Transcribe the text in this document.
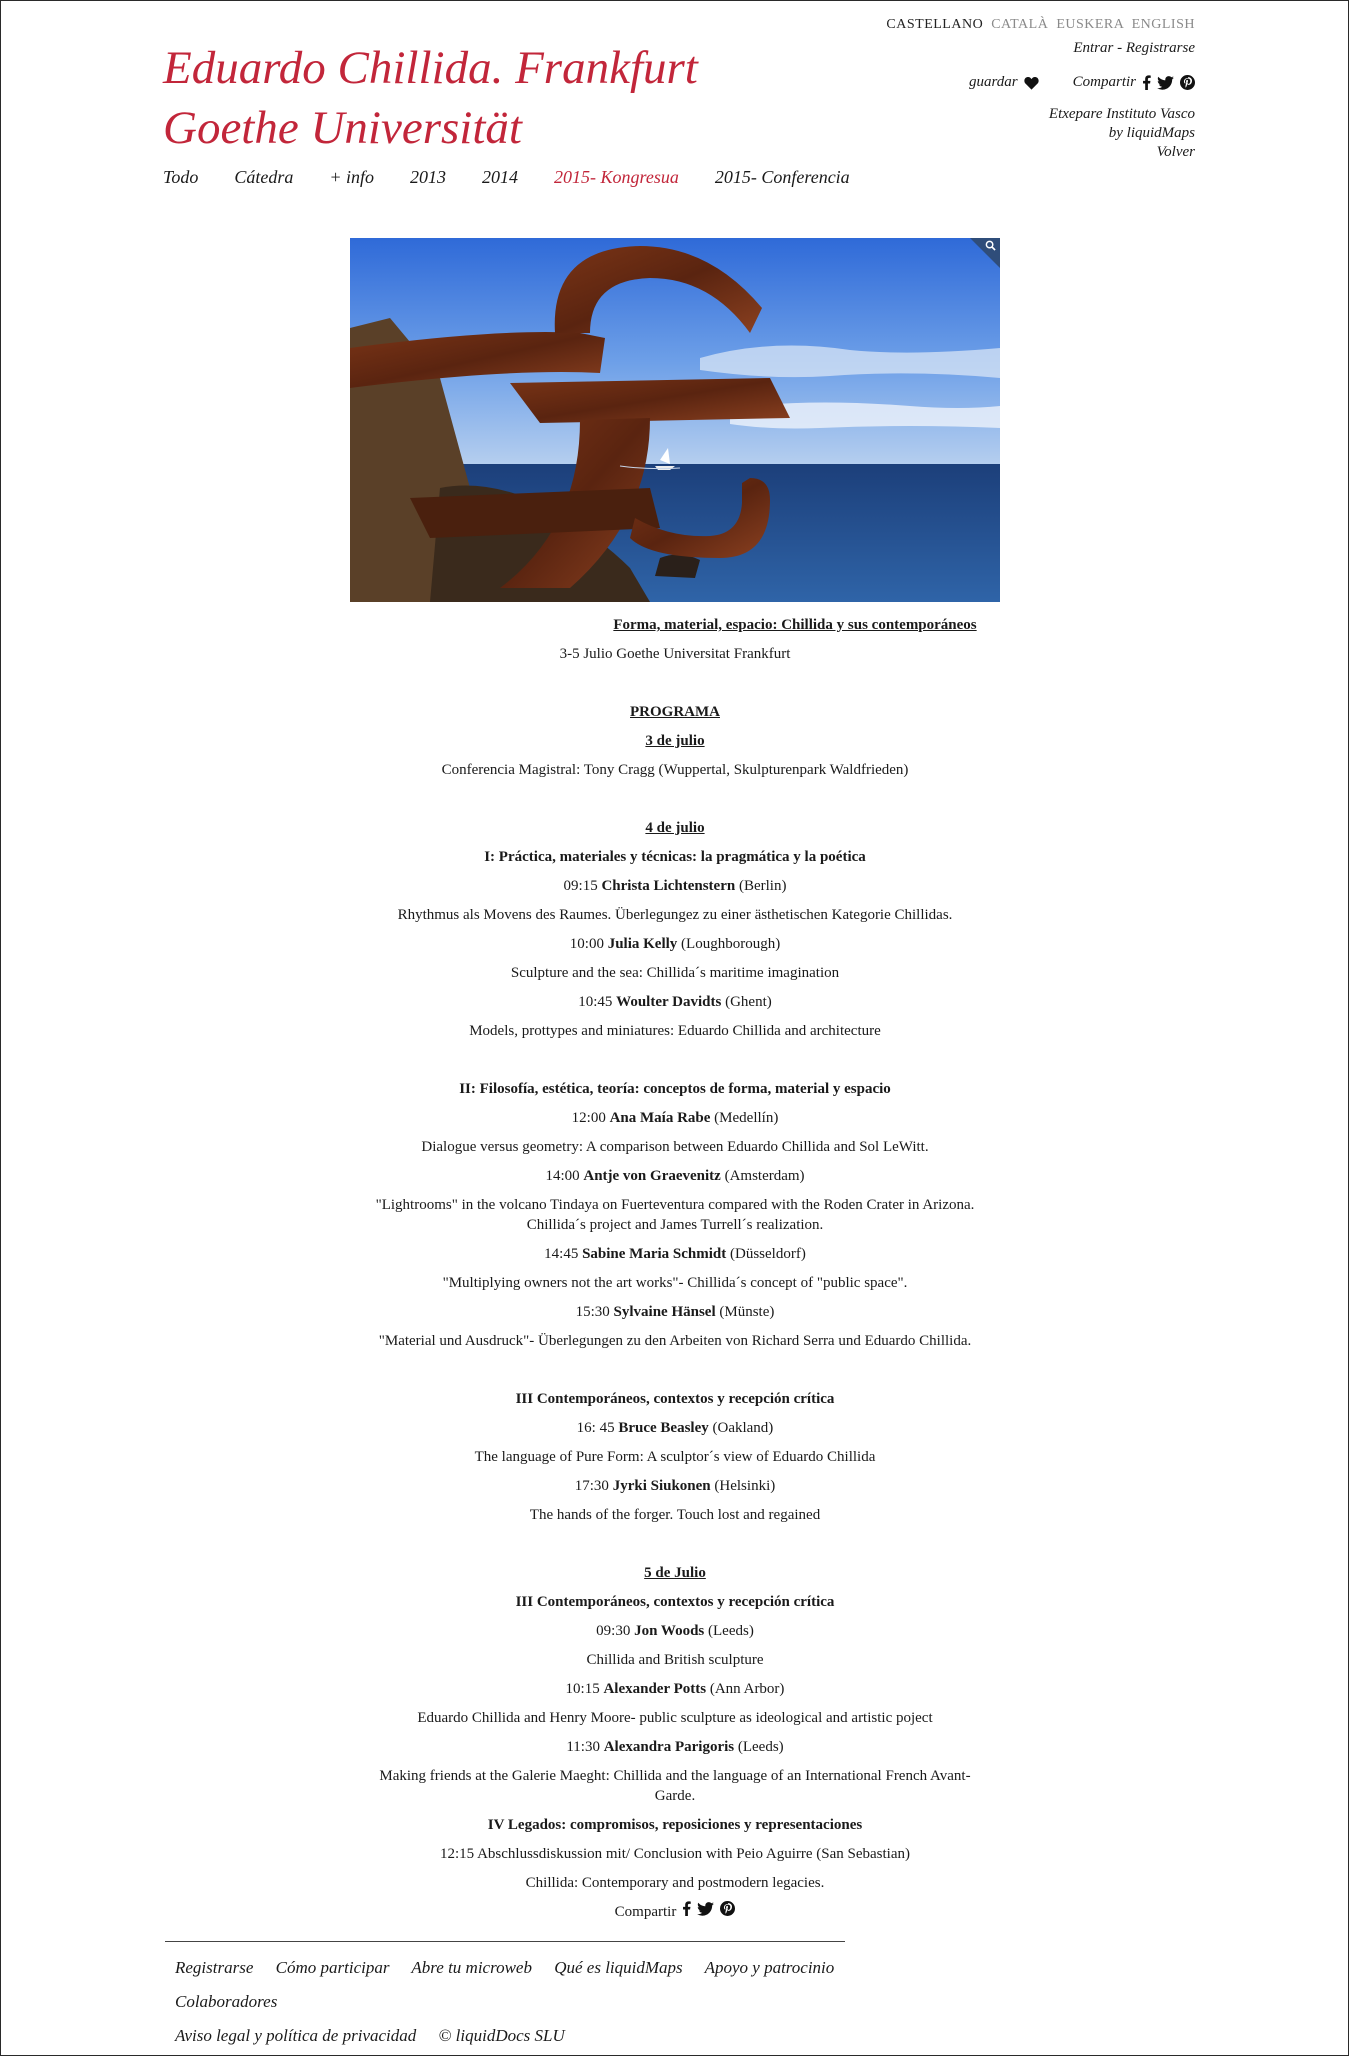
Eduardo Chillida. Frankfurt
Goethe Universität
CASTELLANO CATALÀ EUSKERA ENGLISH
Entrar - Registrarse
guardar	Compartir
Etxepare Instituto Vasco
by liquidMaps
Volver
Todo Cátedra + info 2013 2014 2015- Kongresua 2015- Conferencia

Forma, material, espacio: Chillida y sus contemporáneos

3-5 Julio Goethe Universitat Frankfurt

PROGRAMA

3 de julio

Conferencia Magistral: Tony Cragg (Wuppertal, Skulpturenpark Waldfrieden)

4 de julio

I: Práctica, materiales y técnicas: la pragmática y la poética

09:15 Christa Lichtenstern (Berlin)

Rhythmus als Movens des Raumes. Überlegungez zu einer ästhetischen Kategorie Chillidas.

10:00 Julia Kelly (Loughborough)

Sculpture and the sea: Chillida´s maritime imagination

10:45 Woulter Davidts (Ghent)

Models, prottypes and miniatures: Eduardo Chillida and architecture

II: Filosofía, estética, teoría: conceptos de forma, material y espacio

12:00 Ana Maía Rabe (Medellín)

Dialogue versus geometry: A comparison between Eduardo Chillida and Sol LeWitt.

14:00 Antje von Graevenitz (Amsterdam)

"Lightrooms" in the volcano Tindaya on Fuerteventura compared with the Roden Crater in Arizona.
Chillida´s project and James Turrell´s realization.

14:45 Sabine Maria Schmidt (Düsseldorf)

"Multiplying owners not the art works"- Chillida´s concept of "public space".

15:30 Sylvaine Hänsel (Münste)

"Material und Ausdruck"- Überlegungen zu den Arbeiten von Richard Serra und Eduardo Chillida.

III Contemporáneos, contextos y recepción crítica

16: 45 Bruce Beasley (Oakland)

The language of Pure Form: A sculptor´s view of Eduardo Chillida

17:30 Jyrki Siukonen (Helsinki)

The hands of the forger. Touch lost and regained

5 de Julio

III Contemporáneos, contextos y recepción crítica

09:30 Jon Woods (Leeds)

Chillida and British sculpture

10:15 Alexander Potts (Ann Arbor)

Eduardo Chillida and Henry Moore- public sculpture as ideological and artistic poject

11:30 Alexandra Parigoris (Leeds)

Making friends at the Galerie Maeght: Chillida and the language of an International French Avant-
Garde.

IV Legados: compromisos, reposiciones y representaciones

12:15 Abschlussdiskussion mit/ Conclusion with Peio Aguirre (San Sebastian)

Chillida: Contemporary and postmodern legacies.

Compartir

Registrarse Cómo participar Abre tu microweb Qué es liquidMaps Apoyo y patrocinio Colaboradores
Aviso legal y política de privacidad © liquidDocs SLU
